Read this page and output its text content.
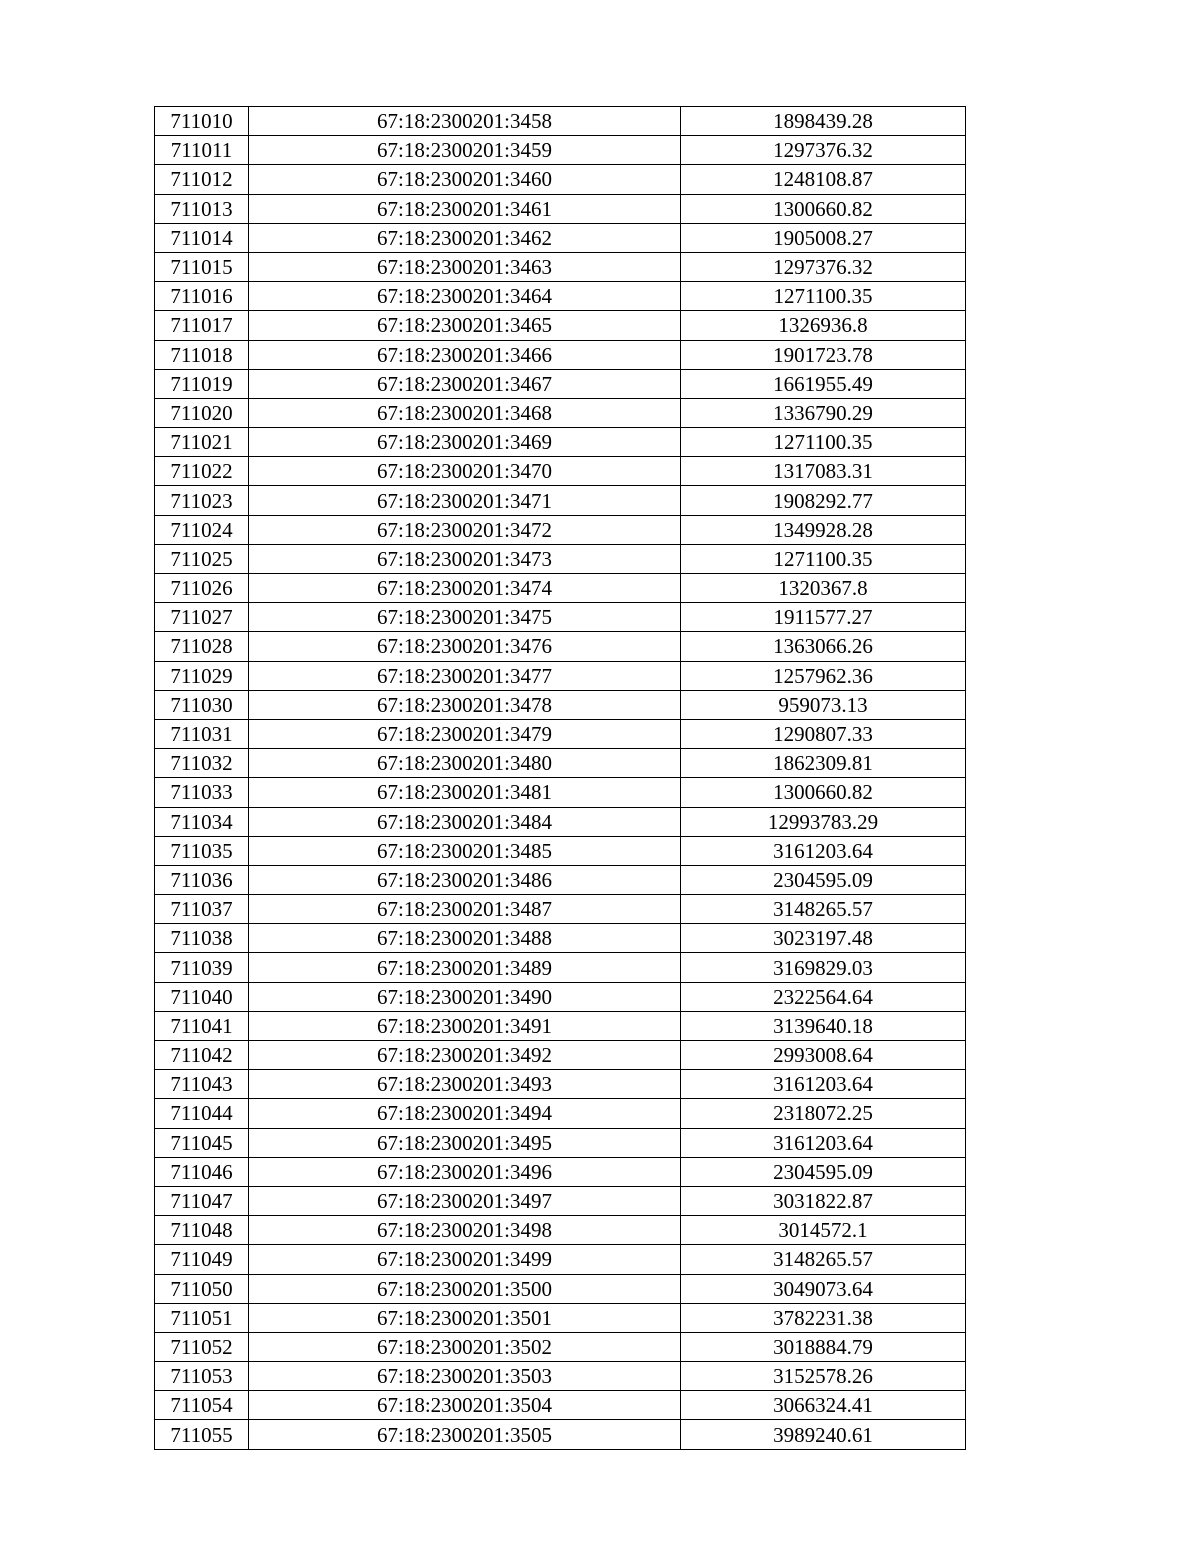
711010	67:18:2300201:3458	1898439.28
711011	67:18:2300201:3459	1297376.32
711012	67:18:2300201:3460	1248108.87
711013	67:18:2300201:3461	1300660.82
711014	67:18:2300201:3462	1905008.27
711015	67:18:2300201:3463	1297376.32
711016	67:18:2300201:3464	1271100.35
711017	67:18:2300201:3465	1326936.8
711018	67:18:2300201:3466	1901723.78
711019	67:18:2300201:3467	1661955.49
711020	67:18:2300201:3468	1336790.29
711021	67:18:2300201:3469	1271100.35
711022	67:18:2300201:3470	1317083.31
711023	67:18:2300201:3471	1908292.77
711024	67:18:2300201:3472	1349928.28
711025	67:18:2300201:3473	1271100.35
711026	67:18:2300201:3474	1320367.8
711027	67:18:2300201:3475	1911577.27
711028	67:18:2300201:3476	1363066.26
711029	67:18:2300201:3477	1257962.36
711030	67:18:2300201:3478	959073.13
711031	67:18:2300201:3479	1290807.33
711032	67:18:2300201:3480	1862309.81
711033	67:18:2300201:3481	1300660.82
711034	67:18:2300201:3484	12993783.29
711035	67:18:2300201:3485	3161203.64
711036	67:18:2300201:3486	2304595.09
711037	67:18:2300201:3487	3148265.57
711038	67:18:2300201:3488	3023197.48
711039	67:18:2300201:3489	3169829.03
711040	67:18:2300201:3490	2322564.64
711041	67:18:2300201:3491	3139640.18
711042	67:18:2300201:3492	2993008.64
711043	67:18:2300201:3493	3161203.64
711044	67:18:2300201:3494	2318072.25
711045	67:18:2300201:3495	3161203.64
711046	67:18:2300201:3496	2304595.09
711047	67:18:2300201:3497	3031822.87
711048	67:18:2300201:3498	3014572.1
711049	67:18:2300201:3499	3148265.57
711050	67:18:2300201:3500	3049073.64
711051	67:18:2300201:3501	3782231.38
711052	67:18:2300201:3502	3018884.79
711053	67:18:2300201:3503	3152578.26
711054	67:18:2300201:3504	3066324.41
711055	67:18:2300201:3505	3989240.61
